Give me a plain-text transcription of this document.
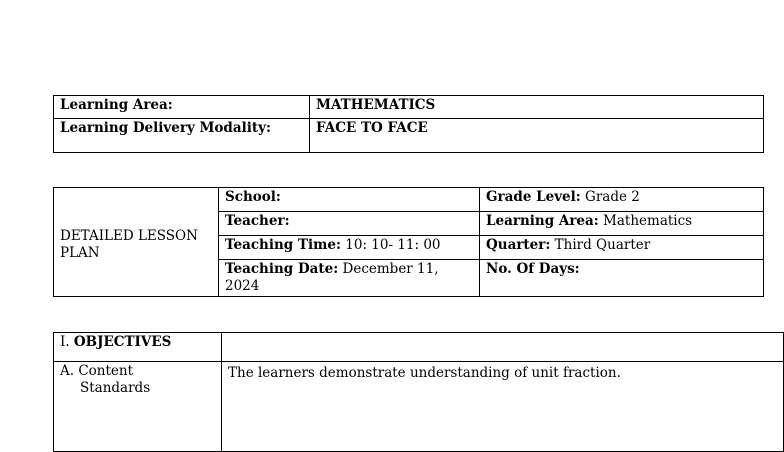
Learning Area:	MATHEMATICS
Learning Delivery Modality:	FACE TO FACE
DETAILED LESSON PLAN	School:	Grade Level: Grade 2
	Teacher:	Learning Area: Mathematics
	Teaching Time: 10: 10- 11: 00	Quarter: Third Quarter
	Teaching Date: December 11, 2024	No. Of Days:
I. OBJECTIVES	

A. Content
Standards	The learners demonstrate understanding of unit fraction.
